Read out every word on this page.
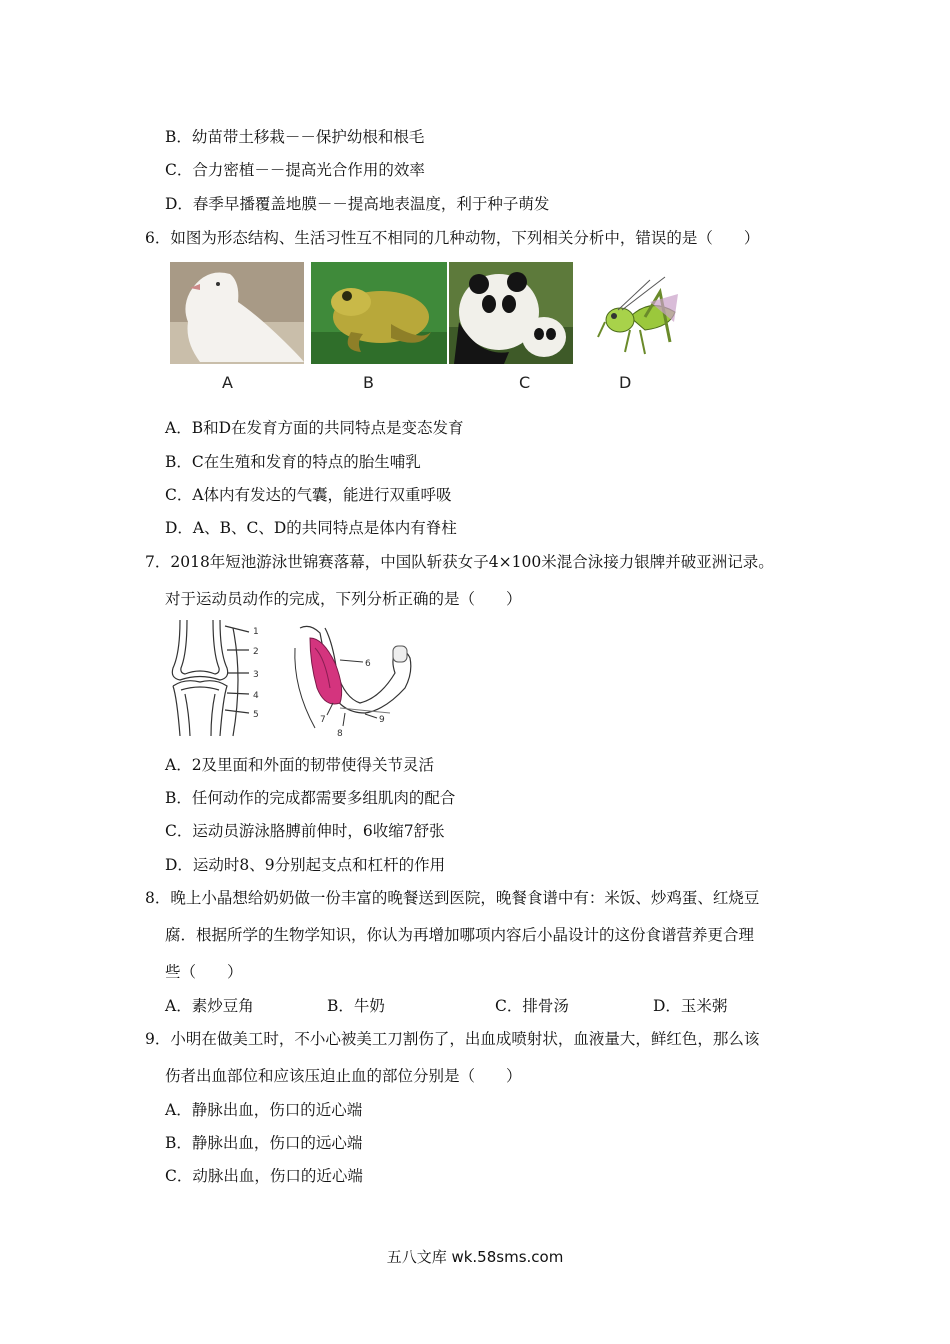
B．幼苗带土移栽－－保护幼根和根毛
C．合力密植－－提高光合作用的效率
D．春季早播覆盖地膜－－提高地表温度，利于种子萌发
6．如图为形态结构、生活习性互不相同的几种动物，下列相关分析中，错误的是（　　）
A	B	C	D
A．B和D在发育方面的共同特点是变态发育
B．C在生殖和发育的特点的胎生哺乳
C．A体内有发达的气囊，能进行双重呼吸
D．A、B、C、D的共同特点是体内有脊柱
7．2018年短池游泳世锦赛落幕，中国队斩获女子4×100米混合泳接力银牌并破亚洲记录。
对于运动员动作的完成，下列分析正确的是（　　）
1
2
3
4
5
6
7
8
9
A．2及里面和外面的韧带使得关节灵活
B．任何动作的完成都需要多组肌肉的配合
C．运动员游泳胳膊前伸时，6收缩7舒张
D．运动时8、9分别起支点和杠杆的作用
8．晚上小晶想给奶奶做一份丰富的晚餐送到医院，晚餐食谱中有：米饭、炒鸡蛋、红烧豆
腐．根据所学的生物学知识，你认为再增加哪项内容后小晶设计的这份食谱营养更合理
些（　　）
A．素炒豆角	B．牛奶	C．排骨汤	D．玉米粥
9．小明在做美工时，不小心被美工刀割伤了，出血成喷射状，血液量大，鲜红色，那么该
伤者出血部位和应该压迫止血的部位分别是（　　）
A．静脉出血，伤口的近心端
B．静脉出血，伤口的远心端
C．动脉出血，伤口的近心端
五八文库 wk.58sms.com
